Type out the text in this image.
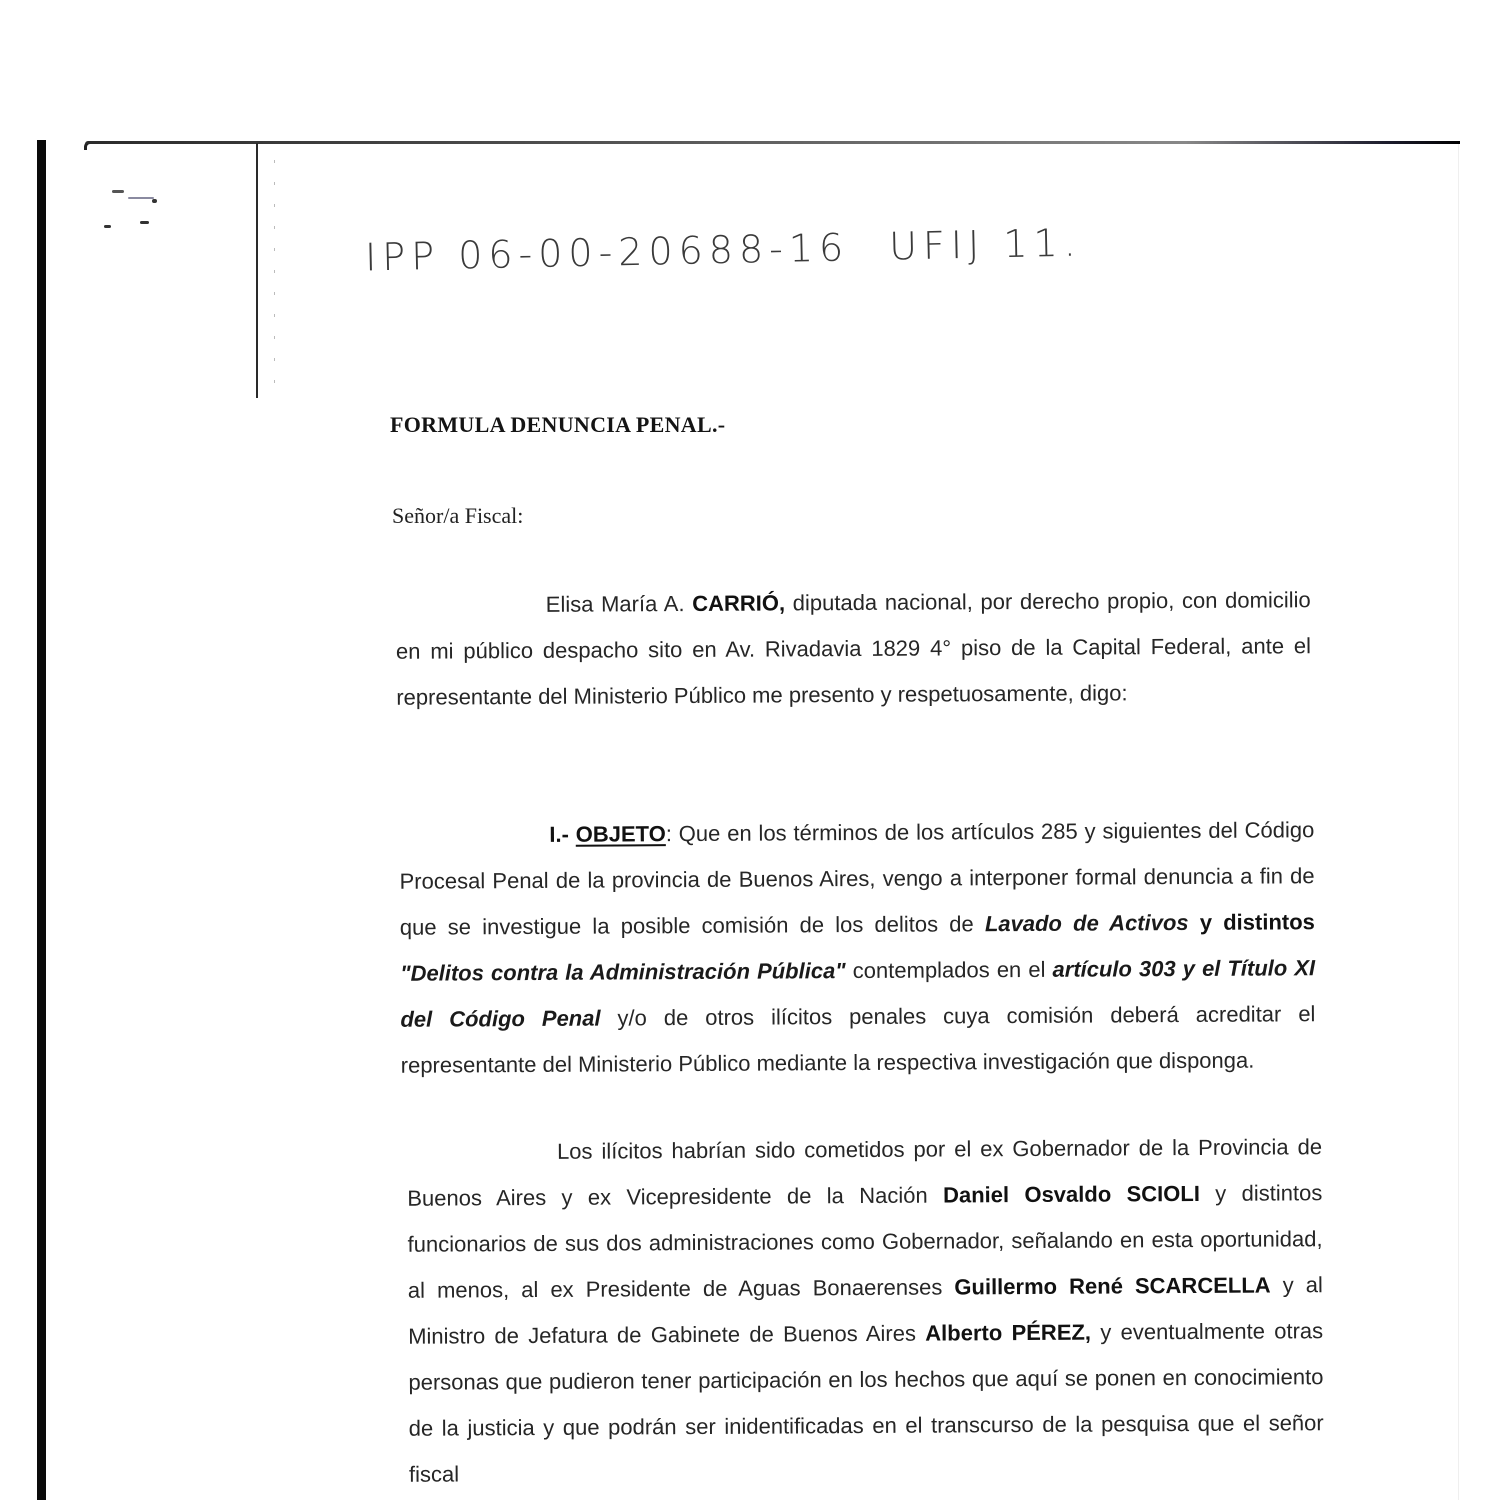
IPP 06-00-20688-16 UFIJ 11.
FORMULA DENUNCIA PENAL.-
Señor/a Fiscal:
Elisa María A. CARRIÓ, diputada nacional, por derecho propio, con domicilio en mi público despacho sito en Av. Rivadavia 1829 4° piso de la Capital Federal, ante el representante del Ministerio Público me presento y respetuosamente, digo:
I.- OBJETO: Que en los términos de los artículos 285 y siguientes del Código Procesal Penal de la provincia de Buenos Aires, vengo a interponer formal denuncia a fin de que se investigue la posible comisión de los delitos de Lavado de Activos y distintos "Delitos contra la Administración Pública" contemplados en el artículo 303 y el Título XI del Código Penal y/o de otros ilícitos penales cuya comisión deberá acreditar el representante del Ministerio Público mediante la respectiva investigación que disponga.
Los ilícitos habrían sido cometidos por el ex Gobernador de la Provincia de Buenos Aires y ex Vicepresidente de la Nación Daniel Osvaldo SCIOLI y distintos funcionarios de sus dos administraciones como Gobernador, señalando en esta oportunidad, al menos, al ex Presidente de Aguas Bonaerenses Guillermo René SCARCELLA y al Ministro de Jefatura de Gabinete de Buenos Aires Alberto PÉREZ, y eventualmente otras personas que pudieron tener participación en los hechos que aquí se ponen en conocimiento de la justicia y que podrán ser inidentificadas en el transcurso de la pesquisa que el señor fiscal
